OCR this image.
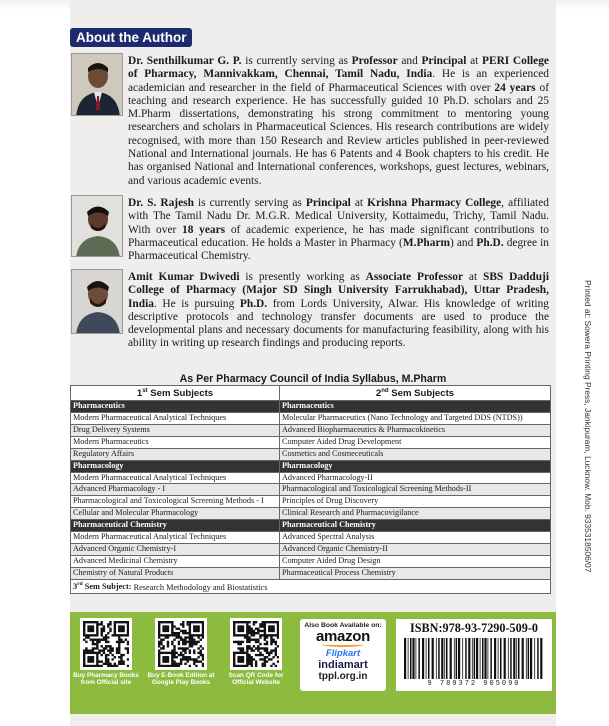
About the Author

Dr. Senthilkumar G. P. is currently serving as Professor and Principal at PERI College of Pharmacy, Mannivakkam, Chennai, Tamil Nadu, India. He is an experienced academician and researcher in the field of Pharmaceutical Sciences with over 24 years of teaching and research experience. He has successfully guided 10 Ph.D. scholars and 25 M.Pharm dissertations, demonstrating his strong commitment to mentoring young researchers and scholars in Pharmaceutical Sciences. His research contributions are widely recognised, with more than 150 Research and Review articles published in peer-reviewed National and International journals. He has 6 Patents and 4 Book chapters to his credit. He has organised National and International conferences, workshops, guest lectures, webinars, and various academic events.

Dr. S. Rajesh is currently serving as Principal at Krishna Pharmacy College, affiliated with The Tamil Nadu Dr. M.G.R. Medical University, Kottaimedu, Trichy, Tamil Nadu. With over 18 years of academic experience, he has made significant contributions to Pharmaceutical education. He holds a Master in Pharmacy (M.Pharm) and Ph.D. degree in Pharmaceutical Chemistry.

Amit Kumar Dwivedi is presently working as Associate Professor at SBS Dadduji College of Pharmacy (Major SD Singh University Farrukhabad), Uttar Pradesh, India. He is pursuing Ph.D. from Lords University, Alwar. His knowledge of writing descriptive protocols and technology transfer documents are used to produce the developmental plans and necessary documents for manufacturing feasibility, along with his ability in writing up research findings and producing reports.	Printed at: Sowera Printing Press, Jankipuram, Lucknow. Mob. 9335318506/07
As Per Pharmacy Council of India Syllabus, M.Pharm
1st Sem Subjects	2nd Sem Subjects
Pharmaceutics	Pharmaceutics
Modern Pharmaceutical Analytical Techniques	Molecular Pharmaceutics (Nano Technology and Targeted DDS (NTDS))
Drug Delivery Systems	Advanced Biopharmaceutics & Pharmacokinetics
Modern Pharmaceutics	Computer Aided Drug Development
Regulatory Affairs	Cosmetics and Cosmeceuticals
Pharmacology	Pharmacology
Modern Pharmaceutical Analytical Techniques	Advanced Pharmacology-II
Advanced Pharmacology - I	Pharmacological and Toxicological Screening Methods-II
Pharmacological and Toxicological Screening Methods - I	Principles of Drug Discovery
Cellular and Molecular Pharmacology	Clinical Research and Pharmacovigilance
Pharmaceutical Chemistry	Pharmaceutical Chemistry
Modern Pharmaceutical Analytical Techniques	Advanced Spectral Analysis
Advanced Organic Chemistry-I	Advanced Organic Chemistry-II
Advanced Medicinal Chemistry	Computer Aided Drug Design
Chemistry of Natural Products	Pharmaceutical Process Chemistry
3rd Sem Subject: Research Methodology and Biostatistics	
Buy Pharmacy Books from Official site
Buy E-Book Edition at Google Play Books
Scan QR Code for Official Website
Also Book Available on:
amazon
Flipkart
indiamart
tppl.org.in
ISBN:978-93-7290-509-0
9 789372 905090
